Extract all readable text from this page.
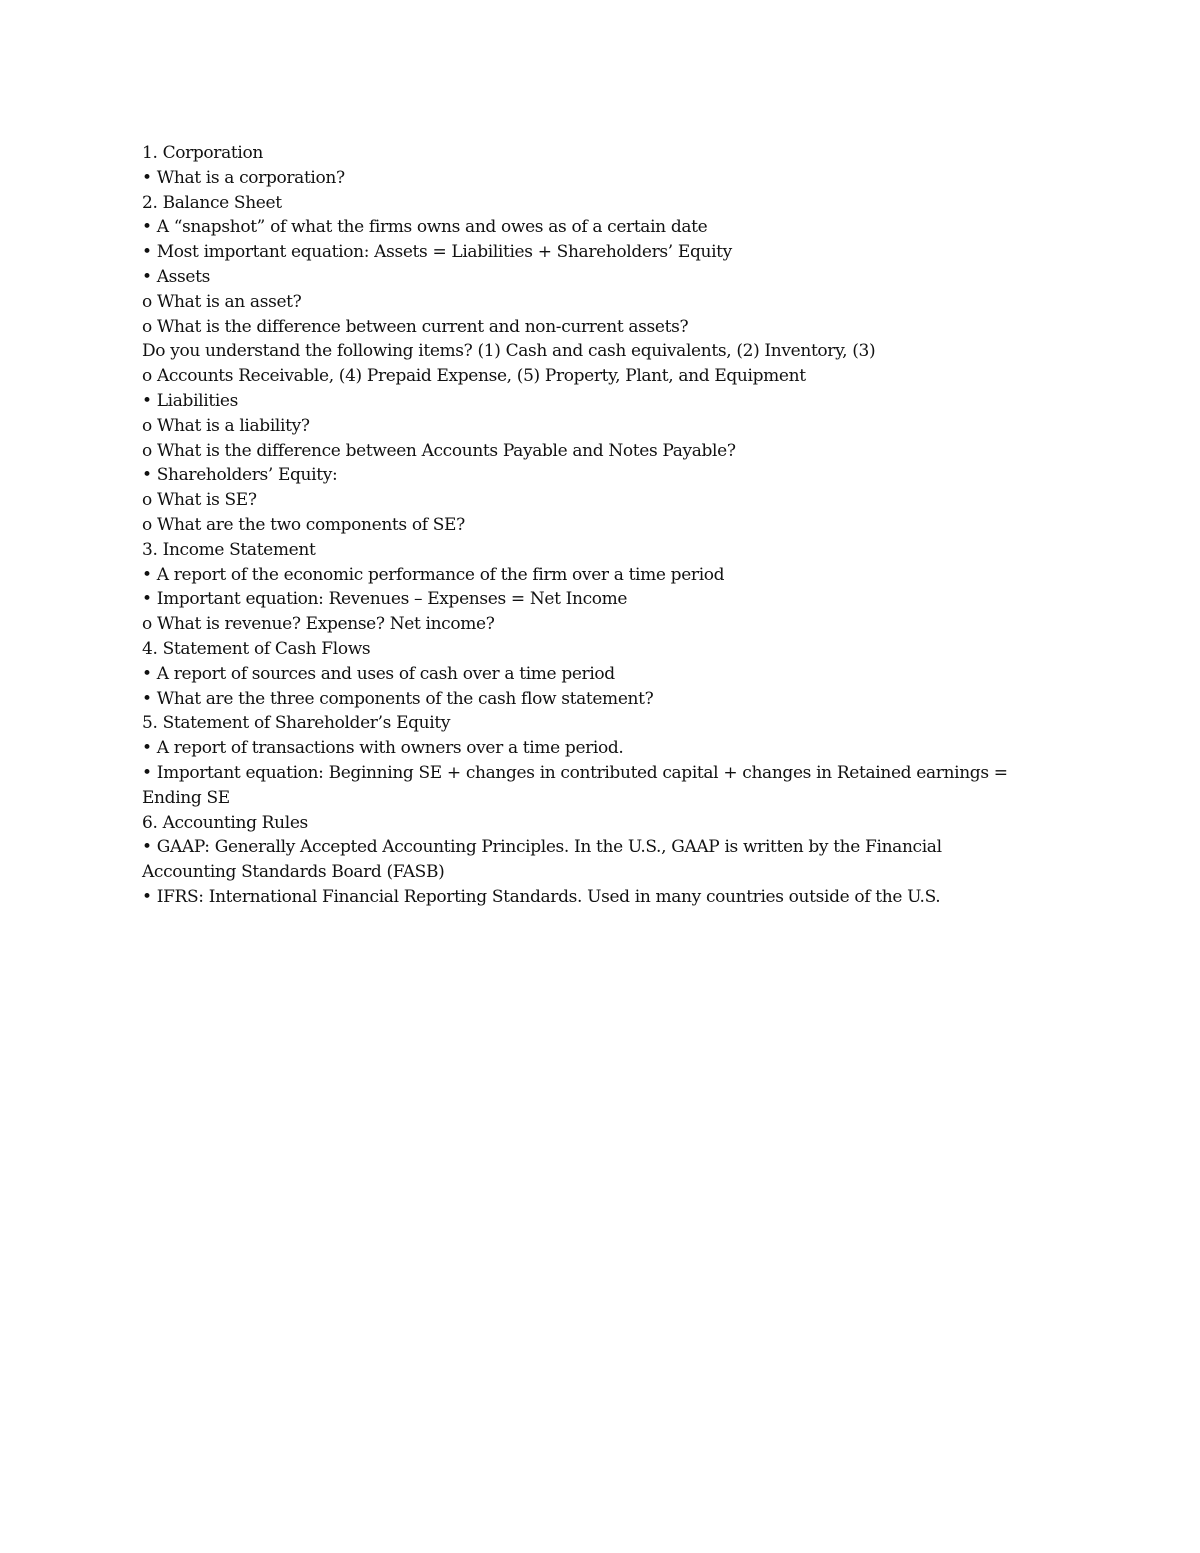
1. Corporation
• What is a corporation?
2. Balance Sheet
• A “snapshot” of what the firms owns and owes as of a certain date
• Most important equation: Assets = Liabilities + Shareholders’ Equity
• Assets
o What is an asset?
o What is the difference between current and non-current assets?
Do you understand the following items? (1) Cash and cash equivalents, (2) Inventory, (3)
o Accounts Receivable, (4) Prepaid Expense, (5) Property, Plant, and Equipment
• Liabilities
o What is a liability?
o What is the difference between Accounts Payable and Notes Payable?
• Shareholders’ Equity:
o What is SE?
o What are the two components of SE?
3. Income Statement
• A report of the economic performance of the firm over a time period
• Important equation: Revenues – Expenses = Net Income
o What is revenue? Expense? Net income?
4. Statement of Cash Flows
• A report of sources and uses of cash over a time period
• What are the three components of the cash flow statement?
5. Statement of Shareholder’s Equity
• A report of transactions with owners over a time period.
• Important equation: Beginning SE + changes in contributed capital + changes in Retained earnings =
Ending SE
6. Accounting Rules
• GAAP: Generally Accepted Accounting Principles. In the U.S., GAAP is written by the Financial
Accounting Standards Board (FASB)
• IFRS: International Financial Reporting Standards. Used in many countries outside of the U.S.
